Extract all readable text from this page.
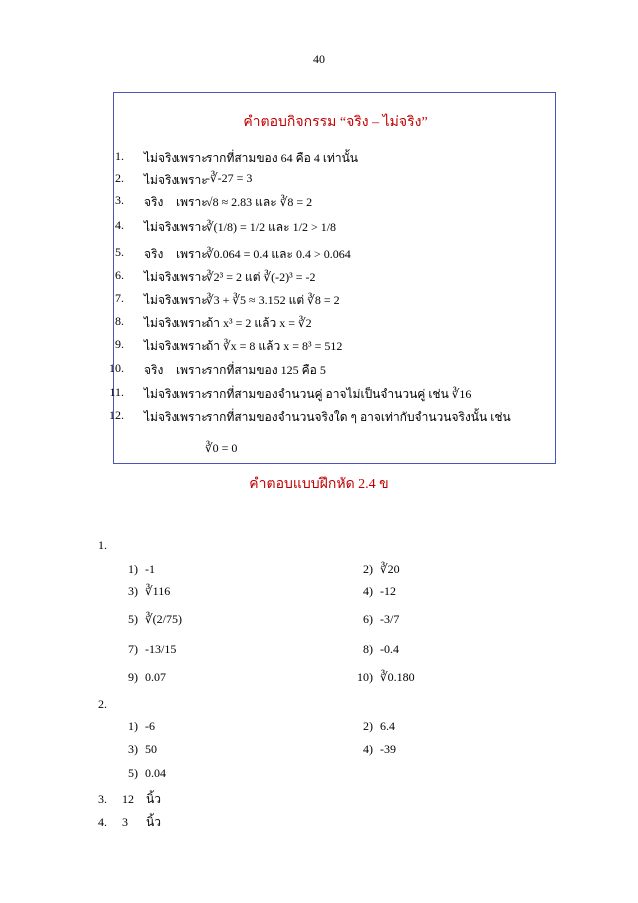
40
คำตอบกิจกรรม “จริง – ไม่จริง”
∛0 = 0
1. ไม่จริง
เพราะ
รากที่สามของ 64 คือ 4 เท่านั้น
2. ไม่จริง
เพราะ
-∛-27 = 3
3. จริง เพราะ
√8 ≈ 2.83 และ ∛8 = 2
4. ไม่จริง
เพราะ
∛(1/8) = 1/2 และ 1/2 > 1/8
5. จริง เพราะ
∛0.064 = 0.4 และ 0.4 > 0.064
6. ไม่จริง
เพราะ
∛2³ = 2 แต่ ∛(-2)³ = -2
7. ไม่จริง
เพราะ
∛3 + ∛5 ≈ 3.152 แต่ ∛8 = 2
8. ไม่จริง
เพราะ
ถ้า x³ = 2 แล้ว x = ∛2
9. ไม่จริง
เพราะ
ถ้า ∛x = 8 แล้ว x = 8³ = 512
10. จริง เพราะ
รากที่สามของ 125 คือ 5
11. ไม่จริง
เพราะ
รากที่สามของจำนวนคู่ อาจไม่เป็นจำนวนคู่ เช่น ∛16
12. ไม่จริง
เพราะ
รากที่สามของจำนวนจริงใด ๆ อาจเท่ากับจำนวนจริงนั้น เช่น
คำตอบแบบฝึกหัด 2.4 ข
1.
1) -1	2) ∛20
3) ∛116	4) -12
5) ∛(2/75)	6) -3/7
7) -13/15	8) -0.4
9) 0.07	10) ∛0.180
2.
1) -6	2) 6.4
3) 50	4) -39
5) 0.04
3. 12 นิ้ว
4. 3 นิ้ว
